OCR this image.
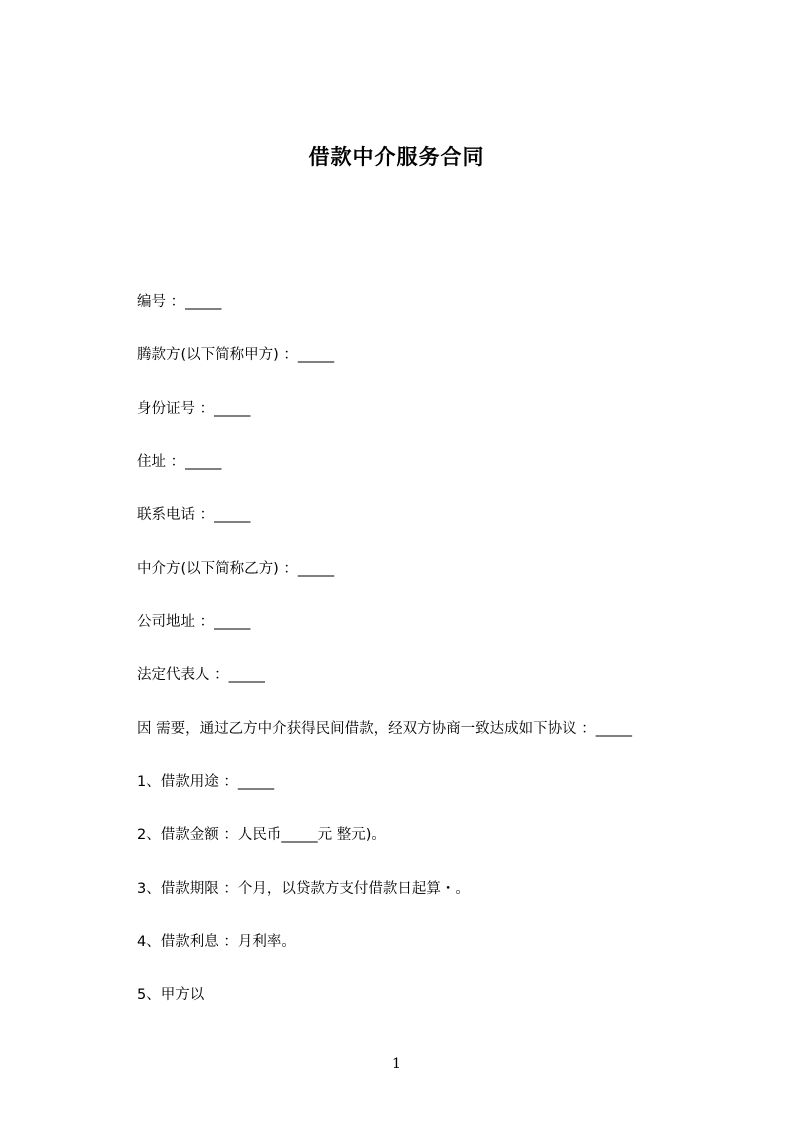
借款中介服务合同
编号 ：_____
腾款方(以下简称甲方) ：_____
身份证号 ：_____
住址 ：_____
联系电话 ：_____
中介方(以下简称乙方) ：_____
公司地址 ：_____
法定代表人 ：_____
因 需要，通过乙方中介获得民间借款，经双方协商一致达成如下协议 ：_____
1、借款用途 ：_____
2、借款金额 ：人民币_____元 整元)。
3、借款期限 ：个月，以贷款方支付借款日起算・。
4、借款利息 ：月利率。
5、甲方以
1
